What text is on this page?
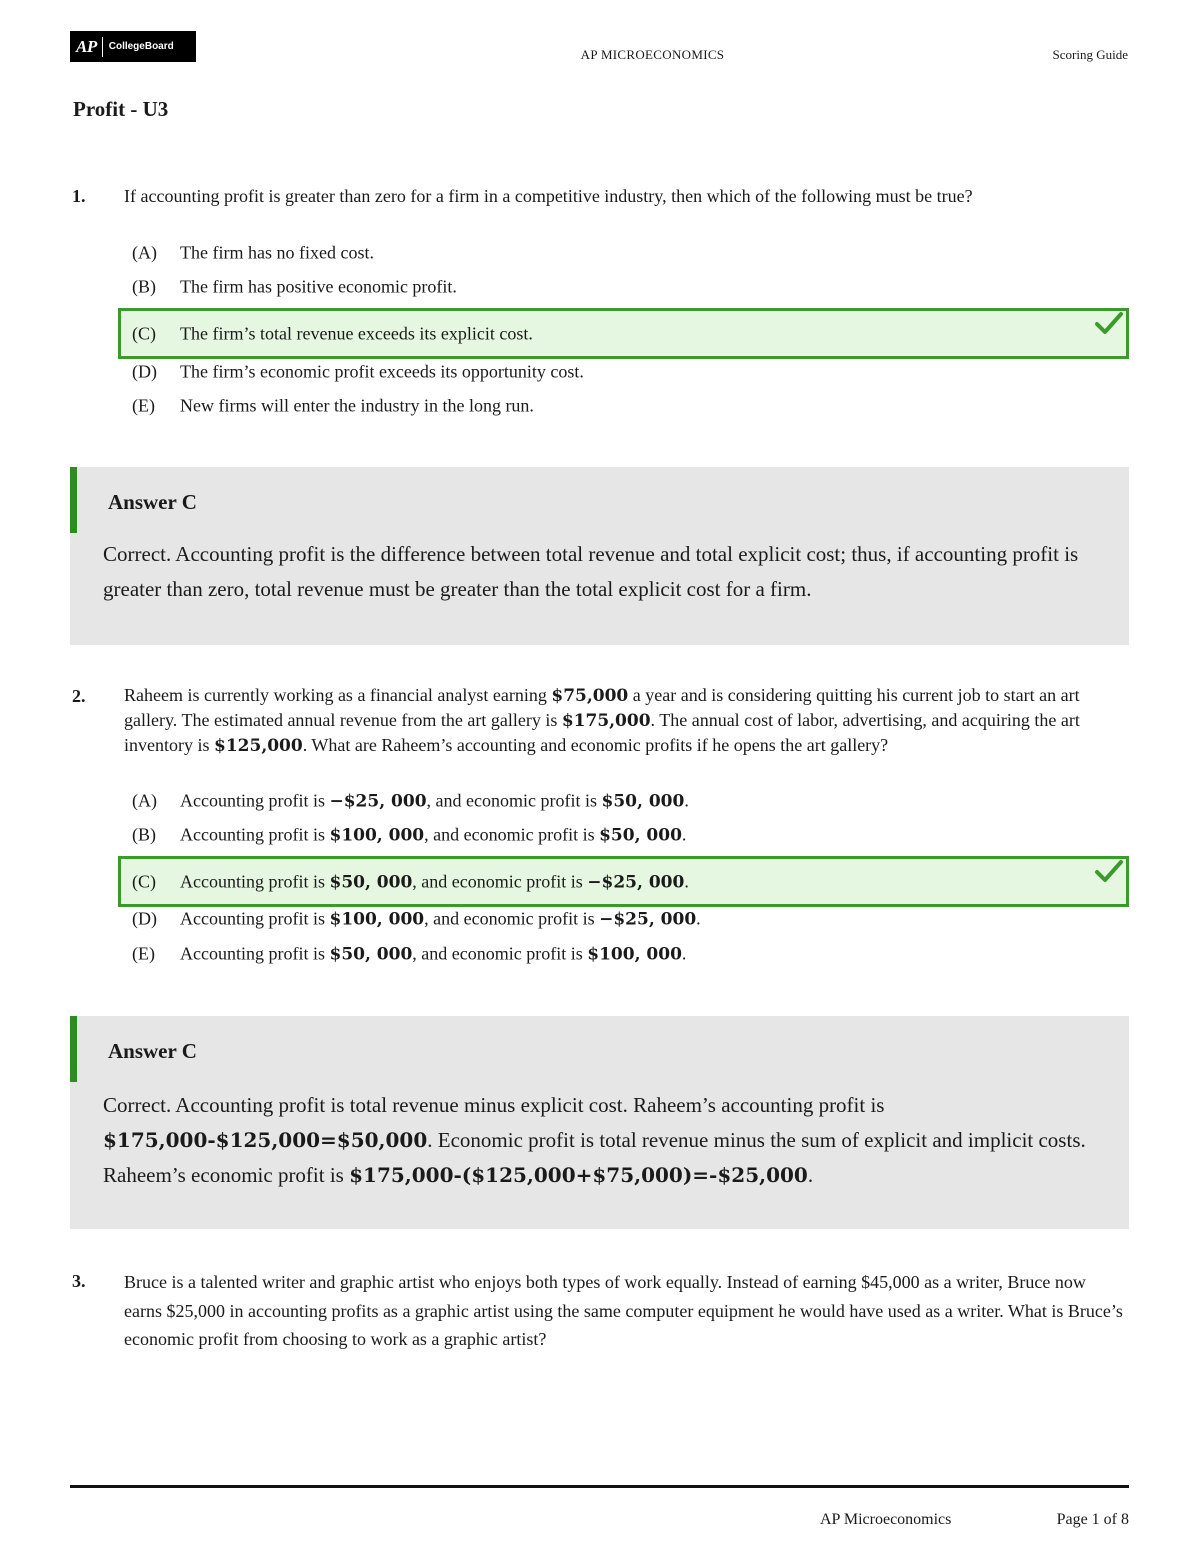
AP CollegeBoard
AP MICROECONOMICS	Scoring Guide
Profit - U3
1. If accounting profit is greater than zero for a firm in a competitive industry, then which of the following must be true?
(A) The firm has no fixed cost.
(B) The firm has positive economic profit.
(C) The firm’s total revenue exceeds its explicit cost.
(D) The firm’s economic profit exceeds its opportunity cost.
(E) New firms will enter the industry in the long run.
Answer C
Correct. Accounting profit is the difference between total revenue and total explicit cost; thus, if accounting profit is greater than zero, total revenue must be greater than the total explicit cost for a firm.
2. Raheem is currently working as a financial analyst earning $75,000 a year and is considering quitting his current job to start an art gallery. The estimated annual revenue from the art gallery is $175,000. The annual cost of labor, advertising, and acquiring the art inventory is $125,000. What are Raheem’s accounting and economic profits if he opens the art gallery?
(A) Accounting profit is −$25, 000, and economic profit is $50, 000.
(B) Accounting profit is $100, 000, and economic profit is $50, 000.
(C) Accounting profit is $50, 000, and economic profit is −$25, 000.
(D) Accounting profit is $100, 000, and economic profit is −$25, 000.
(E) Accounting profit is $50, 000, and economic profit is $100, 000.
Answer C
Correct. Accounting profit is total revenue minus explicit cost. Raheem’s accounting profit is $175,000-$125,000=$50,000. Economic profit is total revenue minus the sum of explicit and implicit costs. Raheem’s economic profit is $175,000-($125,000+$75,000)=-$25,000.
3. Bruce is a talented writer and graphic artist who enjoys both types of work equally. Instead of earning $45,000 as a writer, Bruce now earns $25,000 in accounting profits as a graphic artist using the same computer equipment he would have used as a writer. What is Bruce’s economic profit from choosing to work as a graphic artist?
AP Microeconomics	Page 1 of 8
